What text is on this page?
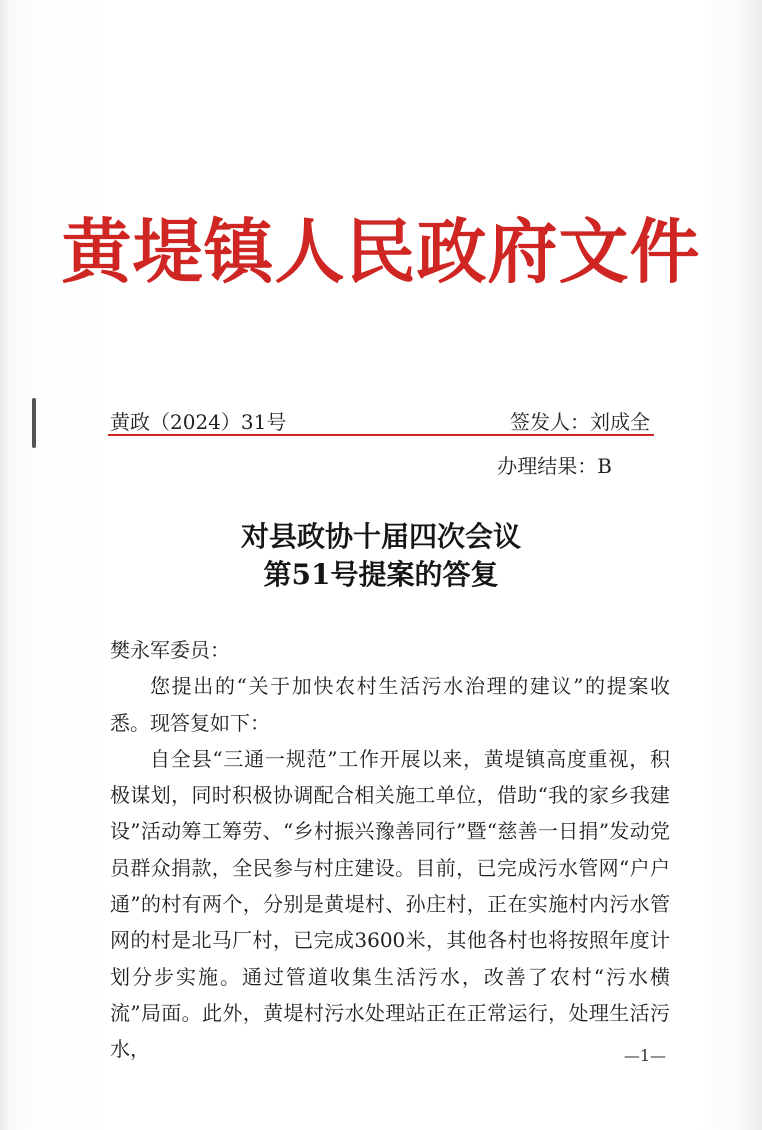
黄堤镇人民政府文件
黄政（2024）31号	签发人：刘成全
办理结果：B
对县政协十届四次会议
第51号提案的答复

樊永军委员：

您提出的“关于加快农村生活污水治理的建议”的提案收悉。现答复如下：

自全县“三通一规范”工作开展以来，黄堤镇高度重视，积极谋划，同时积极协调配合相关施工单位，借助“我的家乡我建设”活动筹工筹劳、“乡村振兴豫善同行”暨“慈善一日捐”发动党员群众捐款，全民参与村庄建设。目前，已完成污水管网“户户通”的村有两个，分别是黄堤村、孙庄村，正在实施村内污水管网的村是北马厂村，已完成3600米，其他各村也将按照年度计划分步实施。通过管道收集生活污水，改善了农村“污水横流”局面。此外，黄堤村污水处理站正在正常运行，处理生活污水，	—1—
